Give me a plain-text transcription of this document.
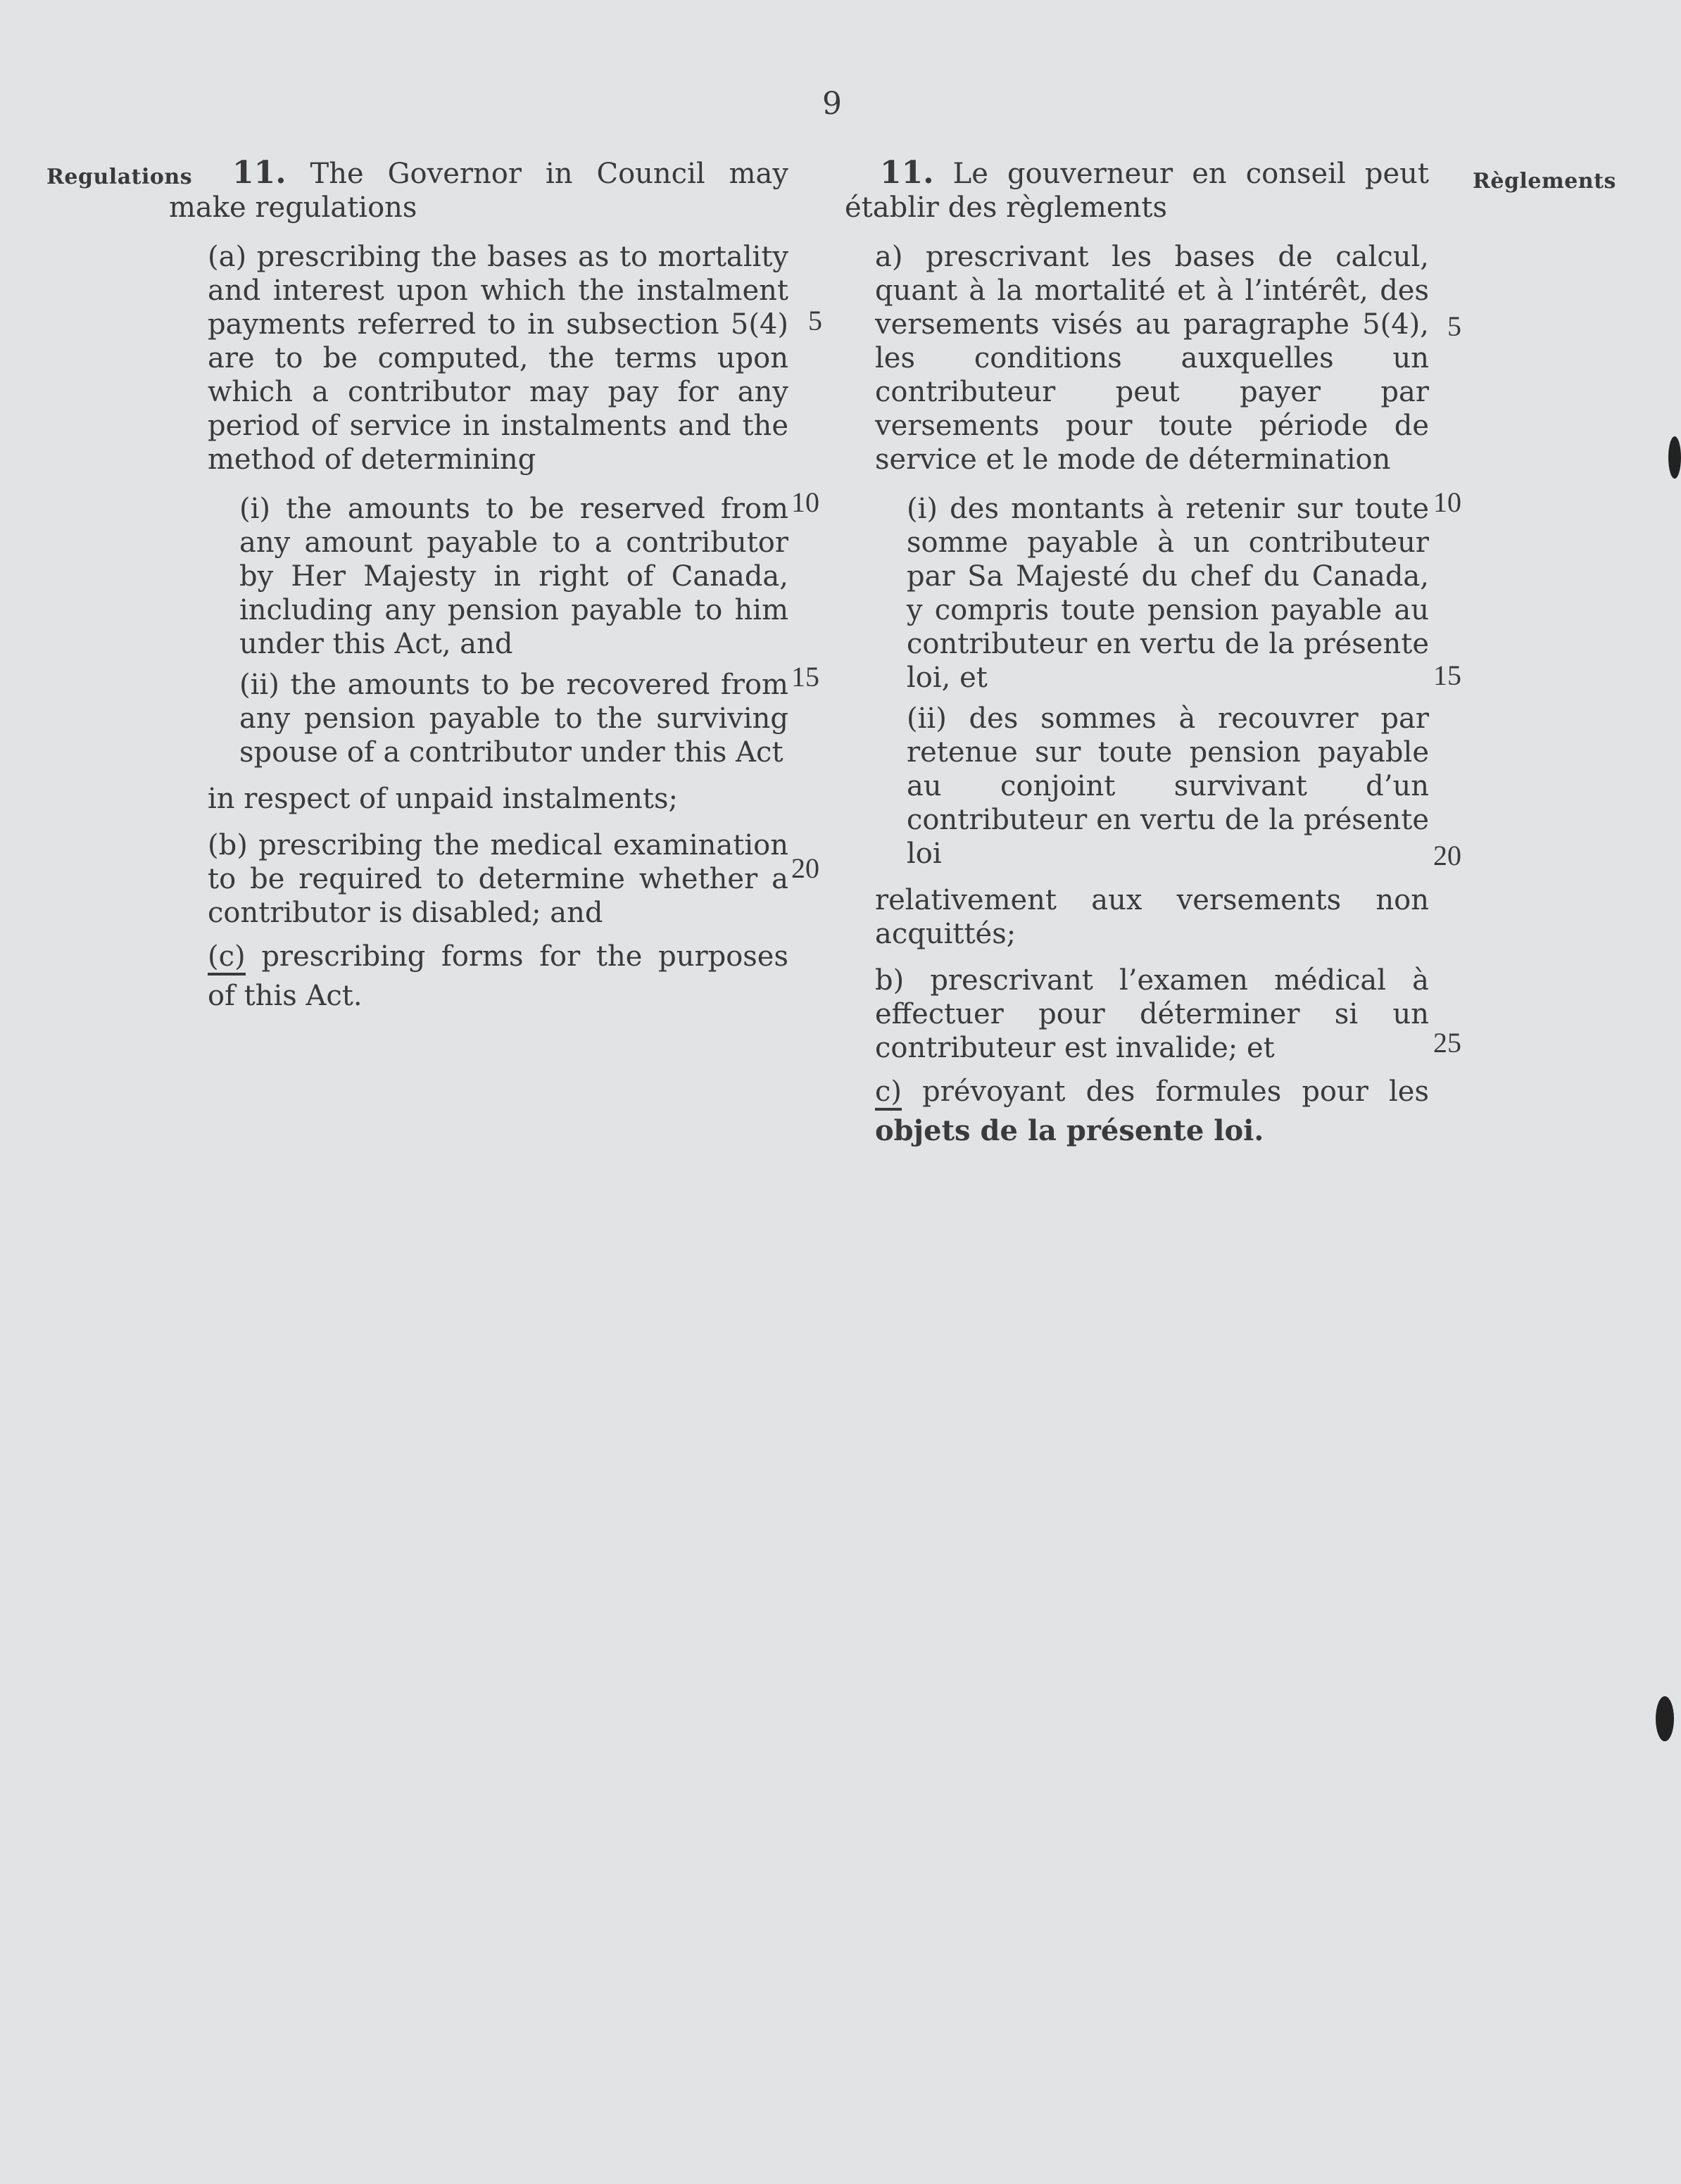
9
Regulations	Règlements

11. The Governor in Council may make regulations

(a) prescribing the bases as to mortality and interest upon which the instalment payments referred to in subsection 5(4) are to be computed, the terms upon which a contributor may pay for any period of service in instalments and the method of determining

(i) the amounts to be reserved from any amount payable to a contributor by Her Majesty in right of Canada, including any pension payable to him under this Act, and

(ii) the amounts to be recovered from any pension payable to the surviving spouse of a contributor under this Act

in respect of unpaid instalments;

(b) prescribing the medical examination to be required to determine whether a contributor is disabled; and

(c) prescribing forms for the purposes of this Act.

5
10
15
20

11. Le gouverneur en conseil peut établir des règlements

a) prescrivant les bases de calcul, quant à la mortalité et à l’intérêt, des versements visés au paragraphe 5(4), les conditions auxquelles un contributeur peut payer par versements pour toute période de service et le mode de détermination

(i) des montants à retenir sur toute somme payable à un contributeur par Sa Majesté du chef du Canada, y compris toute pension payable au contributeur en vertu de la présente loi, et

(ii) des sommes à recouvrer par retenue sur toute pension payable au conjoint survivant d’un contributeur en vertu de la présente loi

relativement aux versements non acquittés;

b) prescrivant l’examen médical à effectuer pour déterminer si un contributeur est invalide; et

c) prévoyant des formules pour les objets de la présente loi.

5
10
15
20
25
